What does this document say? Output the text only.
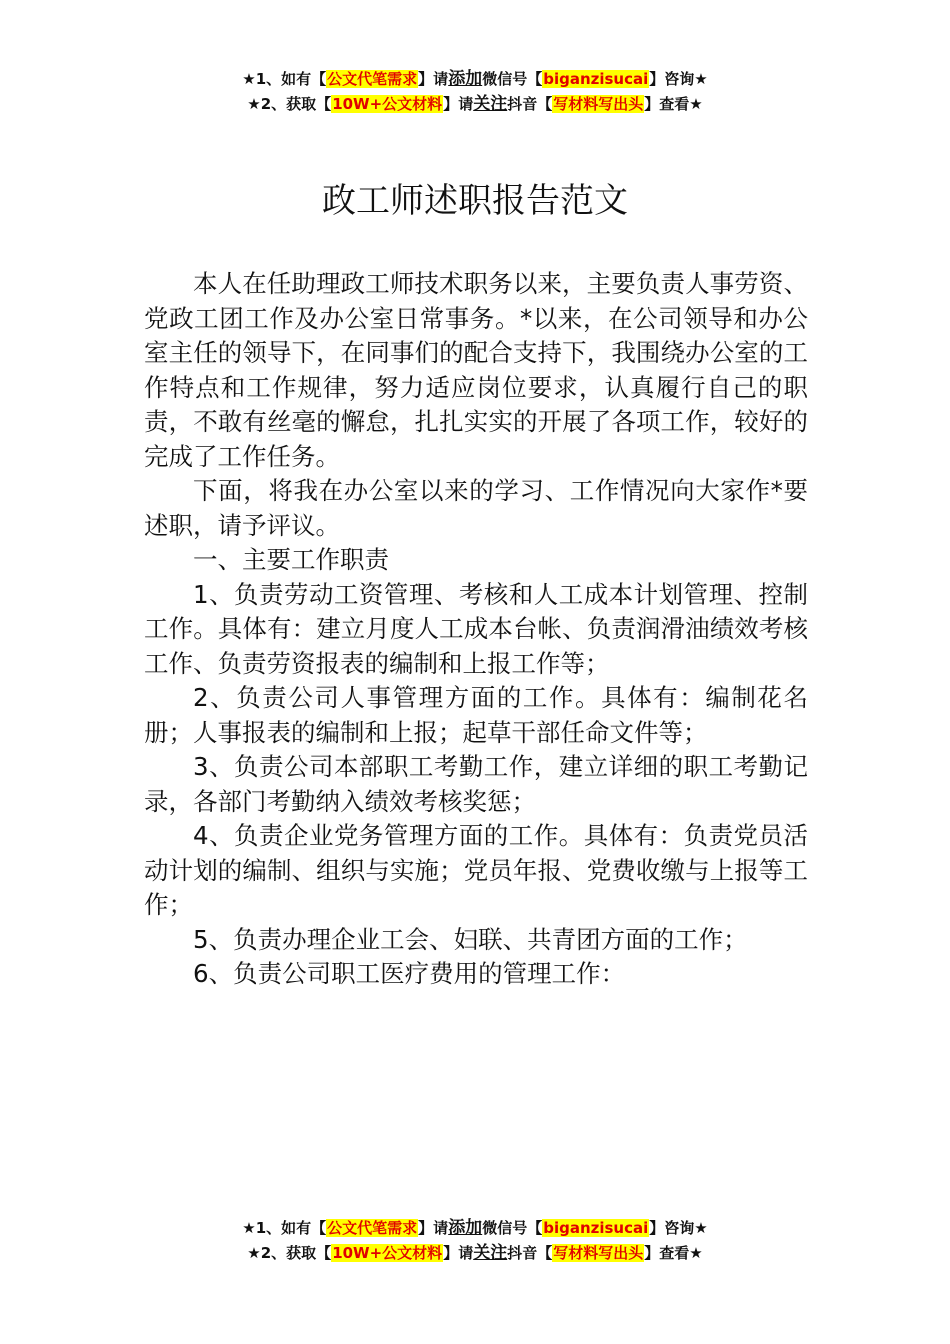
★1、如有【公文代笔需求】请添加微信号【biganzisucai】咨询★
★2、获取【10W+公文材料】请关注抖音【写材料写出头】查看★
政工师述职报告范文

本人在任助理政工师技术职务以来，主要负责人事劳资、党政工团工作及办公室日常事务。*以来，在公司领导和办公室主任的领导下，在同事们的配合支持下，我围绕办公室的工作特点和工作规律，努力适应岗位要求，认真履行自己的职责，不敢有丝毫的懈怠，扎扎实实的开展了各项工作，较好的完成了工作任务。

下面，将我在办公室以来的学习、工作情况向大家作*要述职，请予评议。

一、主要工作职责

1、负责劳动工资管理、考核和人工成本计划管理、控制工作。具体有：建立月度人工成本台帐、负责润滑油绩效考核工作、负责劳资报表的编制和上报工作等；

2、负责公司人事管理方面的工作。具体有：编制花名册；人事报表的编制和上报；起草干部任命文件等；

3、负责公司本部职工考勤工作，建立详细的职工考勤记录，各部门考勤纳入绩效考核奖惩；

4、负责企业党务管理方面的工作。具体有：负责党员活动计划的编制、组织与实施；党员年报、党费收缴与上报等工作；

5、负责办理企业工会、妇联、共青团方面的工作；

6、负责公司职工医疗费用的管理工作：

★1、如有【公文代笔需求】请添加微信号【biganzisucai】咨询★
★2、获取【10W+公文材料】请关注抖音【写材料写出头】查看★
